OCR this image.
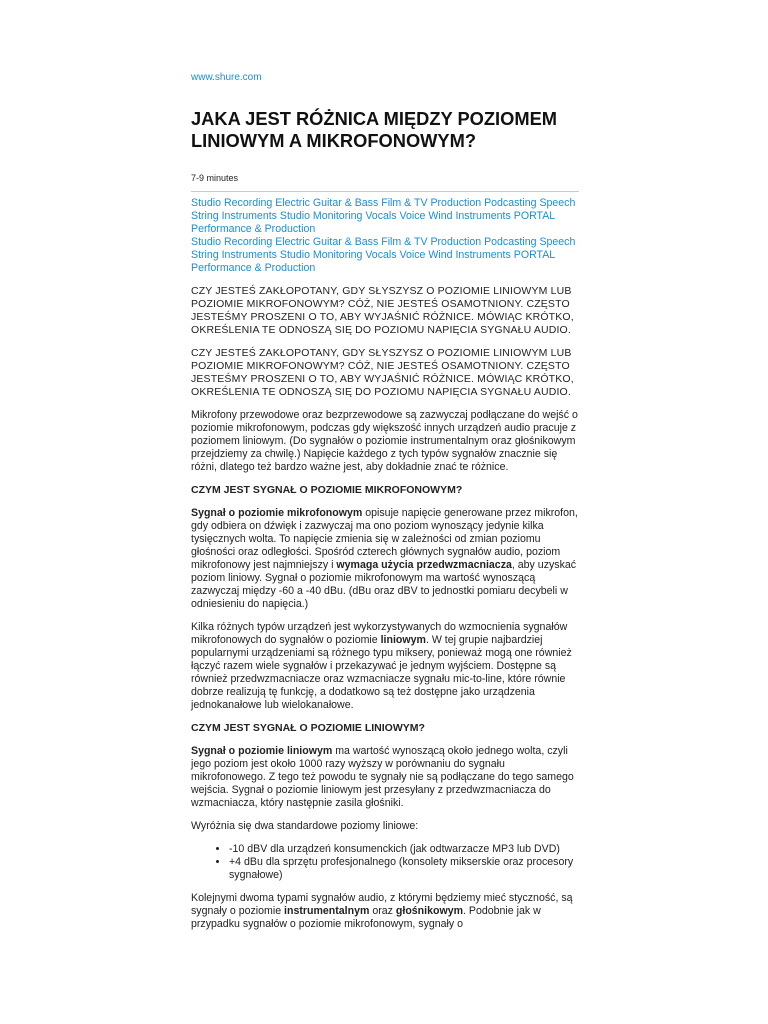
www.shure.com
JAKA JEST RÓŻNICA MIĘDZY POZIOMEM LINIOWYM A MIKROFONOWYM?
7-9 minutes
Studio Recording Electric Guitar & Bass Film & TV Production Podcasting Speech String Instruments Studio Monitoring Vocals Voice Wind Instruments PORTAL Performance & Production
Studio Recording Electric Guitar & Bass Film & TV Production Podcasting Speech String Instruments Studio Monitoring Vocals Voice Wind Instruments PORTAL Performance & Production
CZY JESTEŚ ZAKŁOPOTANY, GDY SŁYSZYSZ O POZIOMIE LINIOWYM LUB POZIOMIE MIKROFONOWYM? CÓŻ, NIE JESTEŚ OSAMOTNIONY. CZĘSTO JESTEŚMY PROSZENI O TO, ABY WYJAŚNIĆ RÓŻNICE. MÓWIĄC KRÓTKO, OKREŚLENIA TE ODNOSZĄ SIĘ DO POZIOMU NAPIĘCIA SYGNAŁU AUDIO.
CZY JESTEŚ ZAKŁOPOTANY, GDY SŁYSZYSZ O POZIOMIE LINIOWYM LUB POZIOMIE MIKROFONOWYM? CÓŻ, NIE JESTEŚ OSAMOTNIONY. CZĘSTO JESTEŚMY PROSZENI O TO, ABY WYJAŚNIĆ RÓŻNICE. MÓWIĄC KRÓTKO, OKREŚLENIA TE ODNOSZĄ SIĘ DO POZIOMU NAPIĘCIA SYGNAŁU AUDIO.

Mikrofony przewodowe oraz bezprzewodowe są zazwyczaj podłączane do wejść o poziomie mikrofonowym, podczas gdy większość innych urządzeń audio pracuje z poziomem liniowym. (Do sygnałów o poziomie instrumentalnym oraz głośnikowym przejdziemy za chwilę.) Napięcie każdego z tych typów sygnałów znacznie się różni, dlatego też bardzo ważne jest, aby dokładnie znać te różnice.

CZYM JEST SYGNAŁ O POZIOMIE MIKROFONOWYM?

Sygnał o poziomie mikrofonowym opisuje napięcie generowane przez mikrofon, gdy odbiera on dźwięk i zazwyczaj ma ono poziom wynoszący jedynie kilka tysięcznych wolta. To napięcie zmienia się w zależności od zmian poziomu głośności oraz odległości. Spośród czterech głównych sygnałów audio, poziom mikrofonowy jest najmniejszy i wymaga użycia przedwzmacniacza, aby uzyskać poziom liniowy. Sygnał o poziomie mikrofonowym ma wartość wynoszącą zazwyczaj między -60 a -40 dBu. (dBu oraz dBV to jednostki pomiaru decybeli w odniesieniu do napięcia.)

Kilka różnych typów urządzeń jest wykorzystywanych do wzmocnienia sygnałów mikrofonowych do sygnałów o poziomie liniowym. W tej grupie najbardziej popularnymi urządzeniami są różnego typu miksery, ponieważ mogą one również łączyć razem wiele sygnałów i przekazywać je jednym wyjściem. Dostępne są również przedwzmacniacze oraz wzmacniacze sygnału mic-to-line, które równie dobrze realizują tę funkcję, a dodatkowo są też dostępne jako urządzenia jednokanałowe lub wielokanałowe.

CZYM JEST SYGNAŁ O POZIOMIE LINIOWYM?

Sygnał o poziomie liniowym ma wartość wynoszącą około jednego wolta, czyli jego poziom jest około 1000 razy wyższy w porównaniu do sygnału mikrofonowego. Z tego też powodu te sygnały nie są podłączane do tego samego wejścia. Sygnał o poziomie liniowym jest przesyłany z przedwzmacniacza do wzmacniacza, który następnie zasila głośniki.

Wyróżnia się dwa standardowe poziomy liniowe:

• -10 dBV dla urządzeń konsumenckich (jak odtwarzacze MP3 lub DVD)
• +4 dBu dla sprzętu profesjonalnego (konsolety mikserskie oraz procesory sygnałowe)

Kolejnymi dwoma typami sygnałów audio, z którymi będziemy mieć styczność, są sygnały o poziomie instrumentalnym oraz głośnikowym. Podobnie jak w przypadku sygnałów o poziomie mikrofonowym, sygnały o
